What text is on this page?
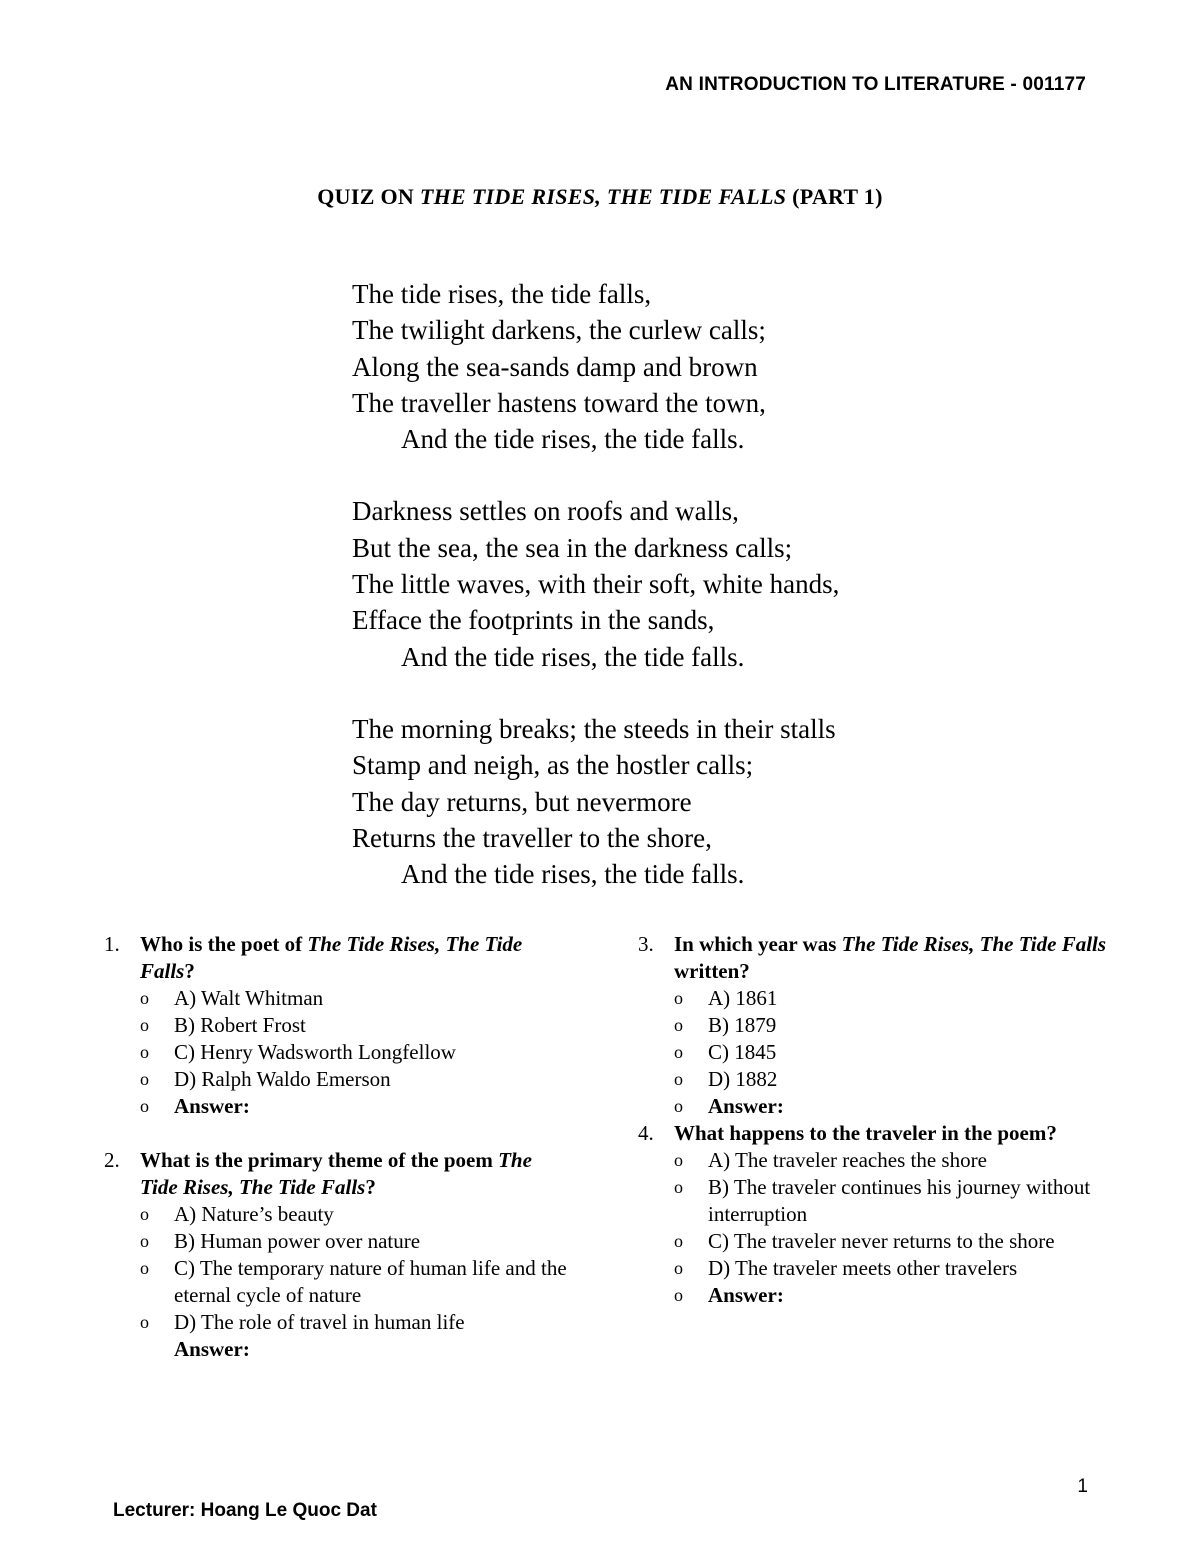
AN INTRODUCTION TO LITERATURE - 001177
QUIZ ON THE TIDE RISES, THE TIDE FALLS (PART 1)
The tide rises, the tide falls,
The twilight darkens, the curlew calls;
Along the sea-sands damp and brown
The traveller hastens toward the town,
And the tide rises, the tide falls.
Darkness settles on roofs and walls,
But the sea, the sea in the darkness calls;
The little waves, with their soft, white hands,
Efface the footprints in the sands,
And the tide rises, the tide falls.
The morning breaks; the steeds in their stalls
Stamp and neigh, as the hostler calls;
The day returns, but nevermore
Returns the traveller to the shore,
And the tide rises, the tide falls.
1. Who is the poet of The Tide Rises, The Tide Falls?
o A) Walt Whitman
o B) Robert Frost
o C) Henry Wadsworth Longfellow
o D) Ralph Waldo Emerson
o Answer:
2. What is the primary theme of the poem The Tide Rises, The Tide Falls?
o A) Nature’s beauty
o B) Human power over nature
o C) The temporary nature of human life and the eternal cycle of nature
o D) The role of travel in human life
Answer:
3. In which year was The Tide Rises, The Tide Falls written?
o A) 1861
o B) 1879
o C) 1845
o D) 1882
o Answer:
4. What happens to the traveler in the poem?
o A) The traveler reaches the shore
o B) The traveler continues his journey without interruption
o C) The traveler never returns to the shore
o D) The traveler meets other travelers
o Answer:
1
Lecturer: Hoang Le Quoc Dat
